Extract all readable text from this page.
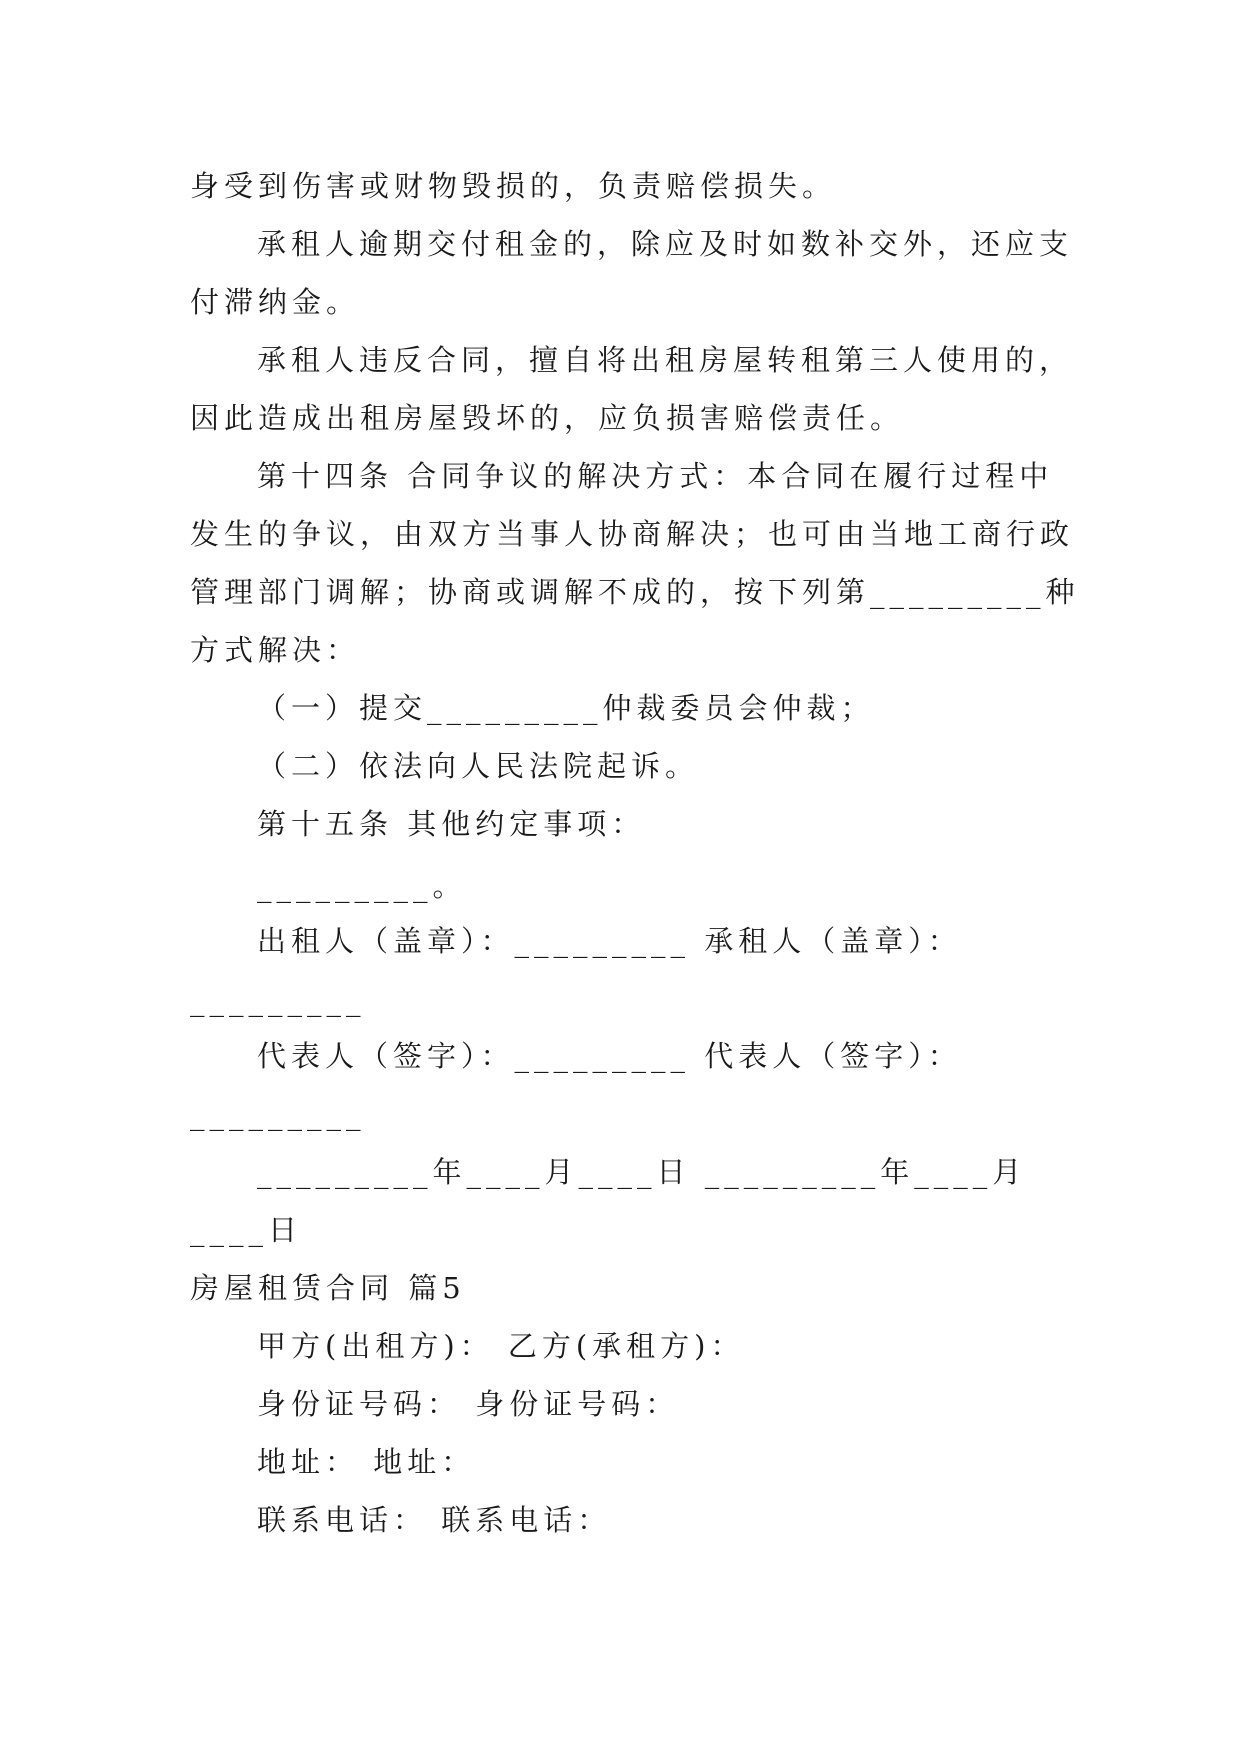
身受到伤害或财物毁损的，负责赔偿损失。
承租人逾期交付租金的，除应及时如数补交外，还应支
付滞纳金。
承租人违反合同，擅自将出租房屋转租第三人使用的，
因此造成出租房屋毁坏的，应负损害赔偿责任。
第十四条 合同争议的解决方式：本合同在履行过程中
发生的争议，由双方当事人协商解决；也可由当地工商行政
管理部门调解；协商或调解不成的，按下列第_________种
方式解决：
（一）提交_________仲裁委员会仲裁；
（二）依法向人民法院起诉。
第十五条 其他约定事项：
_________。
出租人（盖章）：_________ 承租人（盖章）：
_________
代表人（签字）：_________ 代表人（签字）：
_________
_________年____月____日 _________年____月
____日
房屋租赁合同 篇5
甲方(出租方)： 乙方(承租方)：
身份证号码： 身份证号码：
地址： 地址：
联系电话： 联系电话：
